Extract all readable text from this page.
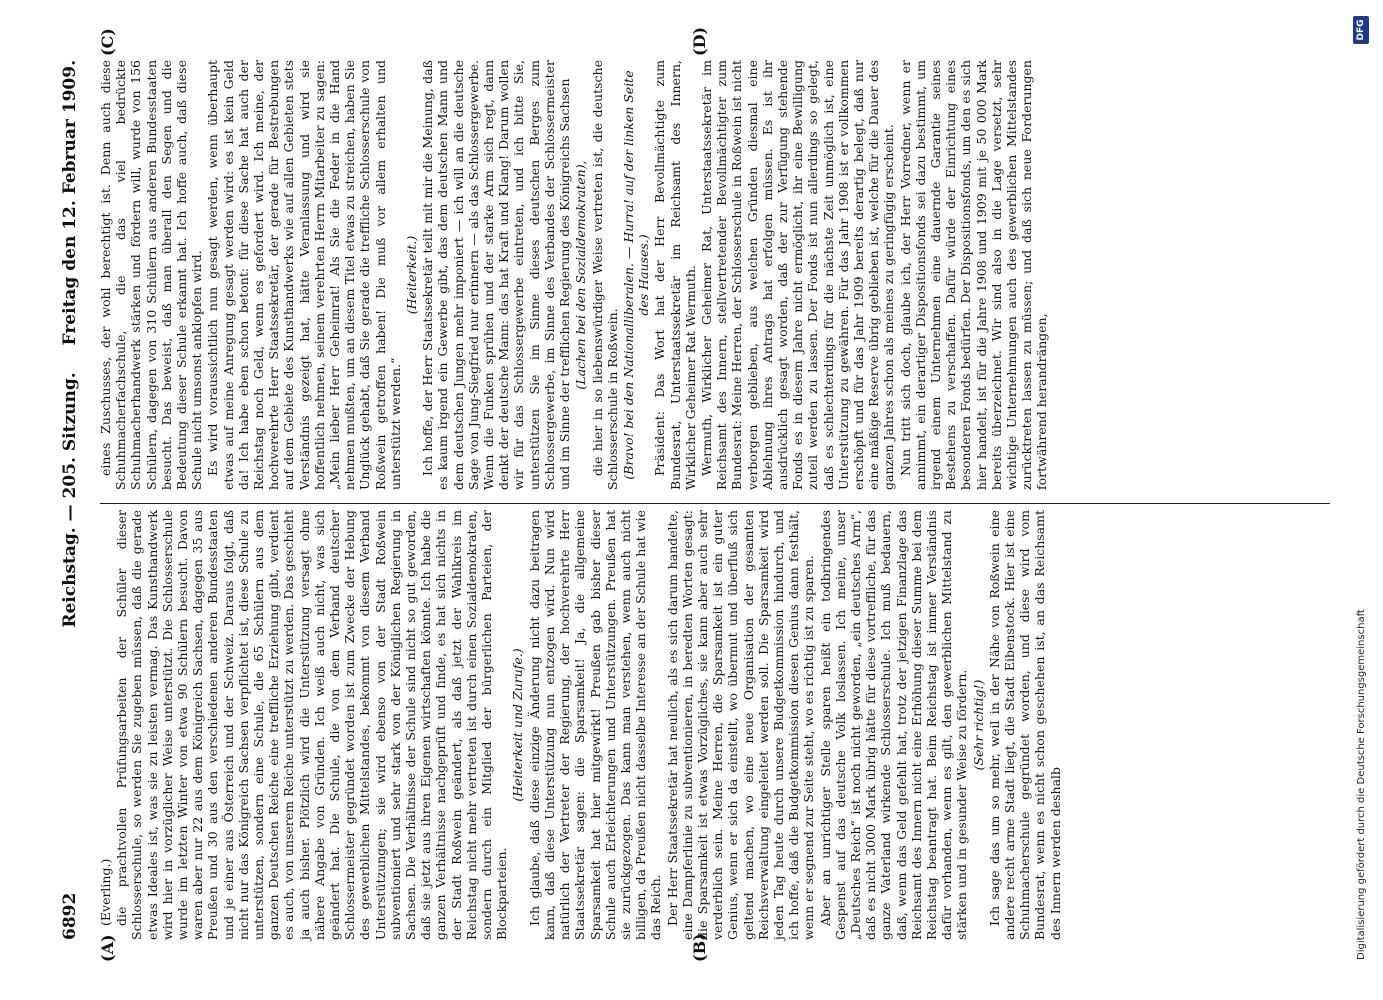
6892
Reichstag. — 205. Sitzung.
Freitag den 12. Februar 1909.
(A)	(B)
(C)	(D)

(Everling.) die prachtvollen Prüfungsarbeiten der Schüler dieser Schlosserschule, so werden Sie zugeben müssen, daß die gerade etwas Ideales ist, was sie zu leisten vermag. Das Kunsthandwerk wird hier in vorzüglicher Weise unterstützt. Die Schlosserschule wurde im letzten Winter von etwa 90 Schülern besucht. Davon waren aber nur 22 aus dem Königreich Sachsen, dagegen 35 aus Preußen und 30 aus den verschiedenen anderen Bundesstaaten und je einer aus Österreich und der Schweiz. Daraus folgt, daß nicht nur das Königreich Sachsen verpflichtet ist, diese Schule zu unterstützen, sondern eine Schule, die 65 Schülern aus dem ganzen Deutschen Reiche eine treffliche Erziehung gibt, verdient es auch, von unserem Reiche unterstützt zu werden. Das geschieht ja auch bisher. Plötzlich wird die Unterstützung versagt ohne nähere Angabe von Gründen. Ich weiß auch nicht, was sich geändert hat. Die Schule, die von dem Verband deutscher Schlossermeister gegründet worden ist zum Zwecke der Hebung des gewerblichen Mittelstandes, bekommt von diesem Verband Unterstützungen; sie wird ebenso von der Stadt Roßwein subventioniert und sehr stark von der Königlichen Regierung in Sachsen. Die Verhältnisse der Schule sind nicht so gut geworden, daß sie jetzt aus ihren Eigenen wirtschaften könnte. Ich habe die ganzen Verhältnisse nachgeprüft und finde, es hat sich nichts in der Stadt Roßwein geändert, als daß jetzt der Wahlkreis im Reichstag nicht mehr vertreten ist durch einen Sozialdemokraten, sondern durch ein Mitglied der bürgerlichen Parteien, der Blockparteien.

(Heiterkeit und Zurufe.) Ich glaube, daß diese einzige Änderung nicht dazu beitragen kann, daß diese Unterstützung nun entzogen wird. Nun wird natürlich der Vertreter der Regierung, der hochverehrte Herr Staatssekretär sagen: die Sparsamkeit! Ja, die allgemeine Sparsamkeit hat hier mitgewirkt! Preußen gab bisher dieser Schule auch Erleichterungen und Unterstützungen. Preußen hat sie zurückgezogen. Das kann man verstehen, wenn auch nicht billigen, da Preußen nicht dasselbe Interesse an der Schule hat wie das Reich. Der Herr Staatssekretär hat neulich, als es sich darum handelte, eine Dampferlinie zu subventionieren, in beredten Worten gesagt: die Sparsamkeit ist etwas Vorzügliches, sie kann aber auch sehr verderblich sein. Meine Herren, die Sparsamkeit ist ein guter Genius, wenn er sich da einstellt, wo übermut und überfluß sich geltend machen, wo eine neue Organisation der gesamten Reichsverwaltung eingeleitet werden soll. Die Sparsamkeit wird jeden Tag heute durch unsere Budgetkommission hindurch, und ich hoffe, daß die Budgetkommission diesen Genius dann festhält, wenn er segnend zur Seite steht, wo es richtig ist zu sparen. Aber an unrichtiger Stelle sparen heißt ein todbringendes Gespenst auf das deutsche Volk loslassen. Ich meine, unser „Deutsches Reich“ ist noch nicht geworden, „ein deutsches Arm“, daß es nicht 3000 Mark übrig hätte für diese vortreffliche, für das ganze Vaterland wirkende Schlosserschule. Ich muß bedauern, daß, wenn das Geld gefehlt hat, trotz der jetzigen Finanzlage das Reichsamt des Innern nicht eine Erhöhung dieser Summe bei dem Reichstag beantragt hat. Beim Reichstag ist immer Verständnis dafür vorhanden, wenn es gilt, den gewerblichen Mittelstand zu stärken und in gesunder Weise zu fördern. (Sehr richtig!) Ich sage das um so mehr, weil in der Nähe von Roßwein eine andere recht arme Stadt liegt, die Stadt Eibenstock. Hier ist eine Schuhmacherschule gegründet worden, und diese wird vom Bundesrat, wenn es nicht schon geschehen ist, an das Reichsamt des Innern werden deshalb

eines Zuschusses, der wohl berechtigt ist. Denn auch diese Schuhmacherfachschule, die das viel bedrückte Schuhmacherhandwerk stärken und fördern will, wurde von 156 Schülern, dagegen von 310 Schülern aus anderen Bundesstaaten besucht. Das beweist, daß man überall den Segen und die Bedeutung dieser Schule erkannt hat. Ich hoffe auch, daß diese Schule nicht umsonst anklopfen wird. Es wird voraussichtlich nun gesagt werden, wenn überhaupt etwas auf meine Anregung gesagt werden wird: es ist kein Geld da! Ich habe eben schon betont: für diese Sache hat auch der Reichstag noch Geld, wenn es gefordert wird. Ich meine, der hochverehrte Herr Staatssekretär, der gerade für Bestrebungen auf dem Gebiete des Kunsthandwerks wie auf allen Gebieten stets Verständnis gezeigt hat, hätte Veranlassung und wird sie hoffentlich nehmen, seinem verehrten Herrn Mitarbeiter zu sagen: „Mein lieber Herr Geheimrat! Als Sie die Feder in die Hand nehmen mußten, um an diesem Titel etwas zu streichen, haben Sie Unglück gehabt, daß Sie gerade die treffliche Schlosserschule von Roßwein getroffen haben! Die muß vor allem erhalten und unterstützt werden.“

(Heiterkeit.) Ich hoffe, der Herr Staatssekretär teilt mit mir die Meinung, daß es kaum irgend ein Gewerbe gibt, das dem deutschen Mann und dem deutschen Jungen mehr imponiert — ich will an die deutsche Sage von Jung-Siegfried nur erinnern — als das Schlossergewerbe. Wenn die Funken sprühen und der starke Arm sich regt, dann denkt der deutsche Mann: das hat Kraft und Klang! Darum wollen wir für das Schlossergewerbe eintreten, und ich bitte Sie, unterstützen Sie im Sinne dieses deutschen Berges zum Schlossergewerbe, im Sinne des Verbandes der Schlossermeister und im Sinne der trefflichen Regierung des Königreichs Sachsen (Lachen bei den Sozialdemokraten), die hier in so liebenswürdiger Weise vertreten ist, die deutsche Schlosserschule in Roßwein. (Bravo! bei den Nationalliberalen. — Hurra! auf der linken Seite des Hauses.) Präsident: Das Wort hat der Herr Bevollmächtigte zum Bundesrat, Unterstaatssekretär im Reichsamt des Innern, Wirklicher Geheimer Rat Wermuth. Wermuth, Wirklicher Geheimer Rat, Unterstaatssekretär im Reichsamt des Innern, stellvertretender Bevollmächtigter zum Bundesrat: Meine Herren, der Schlosserschule in Roßwein ist nicht verborgen geblieben, aus welchen Gründen diesmal eine Ablehnung ihres Antrags hat erfolgen müssen. Es ist ihr ausdrücklich gesagt worden, daß der zur Verfügung stehende Fonds es in diesem Jahre nicht ermöglicht, ihr eine Bewilligung zuteil werden zu lassen. Der Fonds ist nun allerdings so gelegt, daß es schlechterdings für die nächste Zeit unmöglich ist, eine Unterstützung zu gewähren. Für das Jahr 1908 ist er vollkommen erschöpft und für das Jahr 1909 bereits derartig belegt, daß nur eine mäßige Reserve übrig geblieben ist, welche für die Dauer des ganzen Jahres schon als meines zu geringfügig erscheint. Nun tritt sich doch, glaube ich, der Herr Vorredner, wenn er annimmt, ein derartiger Dispositionsfonds sei dazu bestimmt, um irgend einem Unternehmen eine dauernde Garantie seines Bestehens zu verschaffen. Dafür würde der Einrichtung eines besonderen Fonds bedürfen. Der Dispositionsfonds, um den es sich hier handelt, ist für die Jahre 1908 und 1909 mit je 50 000 Mark bereits überzeichnet. Wir sind also in die Lage versetzt, sehr wichtige Unternehmungen auch des gewerblichen Mittelstandes zurücktreten lassen zu müssen; und daß sich neue Forderungen fortwährend herandrängen,

Digitalisierung gefördert durch die Deutsche Forschungsgemeinschaft
DFG
